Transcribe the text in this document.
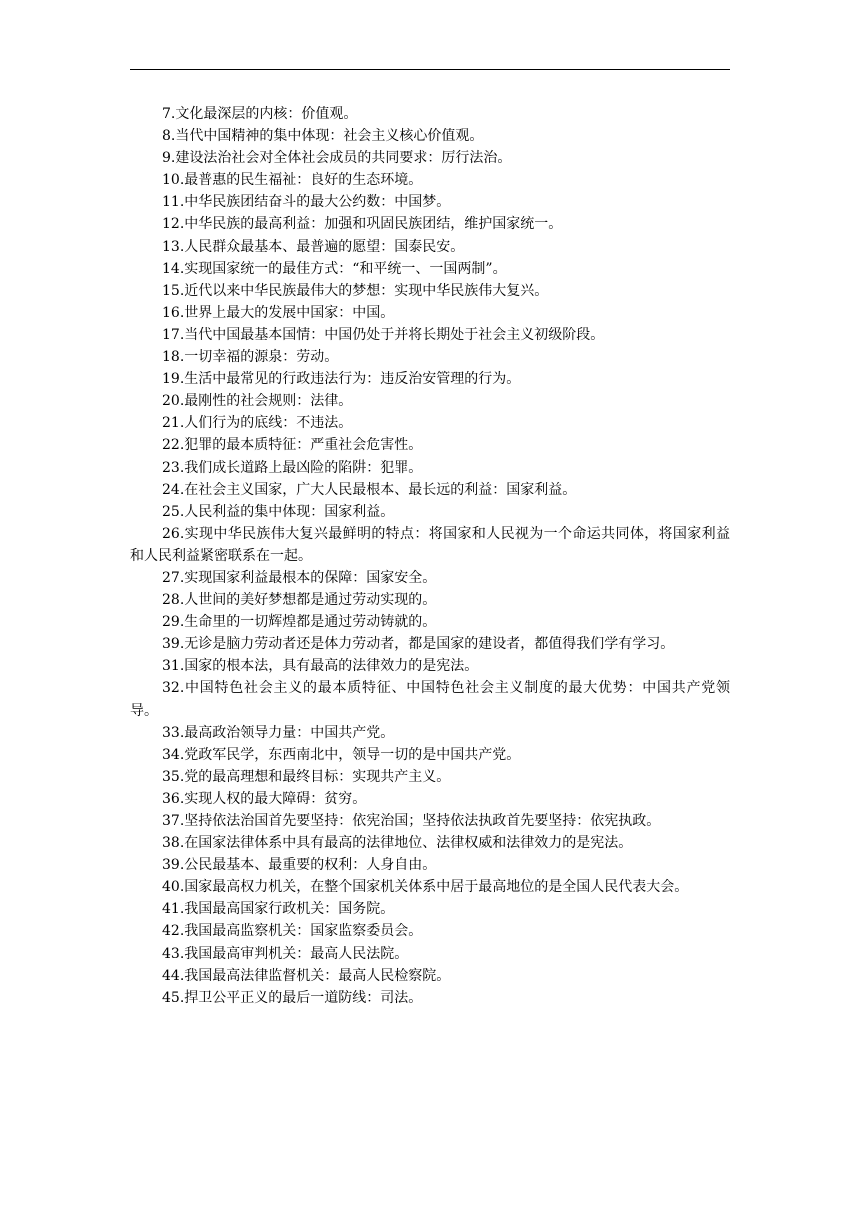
7.文化最深层的内核：价值观。

8.当代中国精神的集中体现：社会主义核心价值观。

9.建设法治社会对全体社会成员的共同要求：厉行法治。

10.最普惠的民生福祉：良好的生态环境。

11.中华民族团结奋斗的最大公约数：中国梦。

12.中华民族的最高利益：加强和巩固民族团结，维护国家统一。

13.人民群众最基本、最普遍的愿望：国泰民安。

14.实现国家统一的最佳方式：“和平统一、一国两制”。

15.近代以来中华民族最伟大的梦想：实现中华民族伟大复兴。

16.世界上最大的发展中国家：中国。

17.当代中国最基本国情：中国仍处于并将长期处于社会主义初级阶段。

18.一切幸福的源泉：劳动。

19.生活中最常见的行政违法行为：违反治安管理的行为。

20.最刚性的社会规则：法律。

21.人们行为的底线：不违法。

22.犯罪的最本质特征：严重社会危害性。

23.我们成长道路上最凶险的陷阱：犯罪。

24.在社会主义国家，广大人民最根本、最长远的利益：国家利益。

25.人民利益的集中体现：国家利益。

26.实现中华民族伟大复兴最鲜明的特点：将国家和人民视为一个命运共同体，将国家利益和人民利益紧密联系在一起。

27.实现国家利益最根本的保障：国家安全。

28.人世间的美好梦想都是通过劳动实现的。

29.生命里的一切辉煌都是通过劳动铸就的。

39.无诊是脑力劳动者还是体力劳动者，都是国家的建设者，都值得我们学有学习。

31.国家的根本法，具有最高的法律效力的是宪法。

32.中国特色社会主义的最本质特征、中国特色社会主义制度的最大优势：中国共产党领导。

33.最高政治领导力量：中国共产党。

34.党政军民学，东西南北中，领导一切的是中国共产党。

35.党的最高理想和最终目标：实现共产主义。

36.实现人权的最大障碍：贫穷。

37.坚持依法治国首先要坚持：依宪治国；坚持依法执政首先要坚持：依宪执政。

38.在国家法律体系中具有最高的法律地位、法律权威和法律效力的是宪法。

39.公民最基本、最重要的权利：人身自由。

40.国家最高权力机关，在整个国家机关体系中居于最高地位的是全国人民代表大会。

41.我国最高国家行政机关：国务院。

42.我国最高监察机关：国家监察委员会。

43.我国最高审判机关：最高人民法院。

44.我国最高法律监督机关：最高人民检察院。

45.捍卫公平正义的最后一道防线：司法。
